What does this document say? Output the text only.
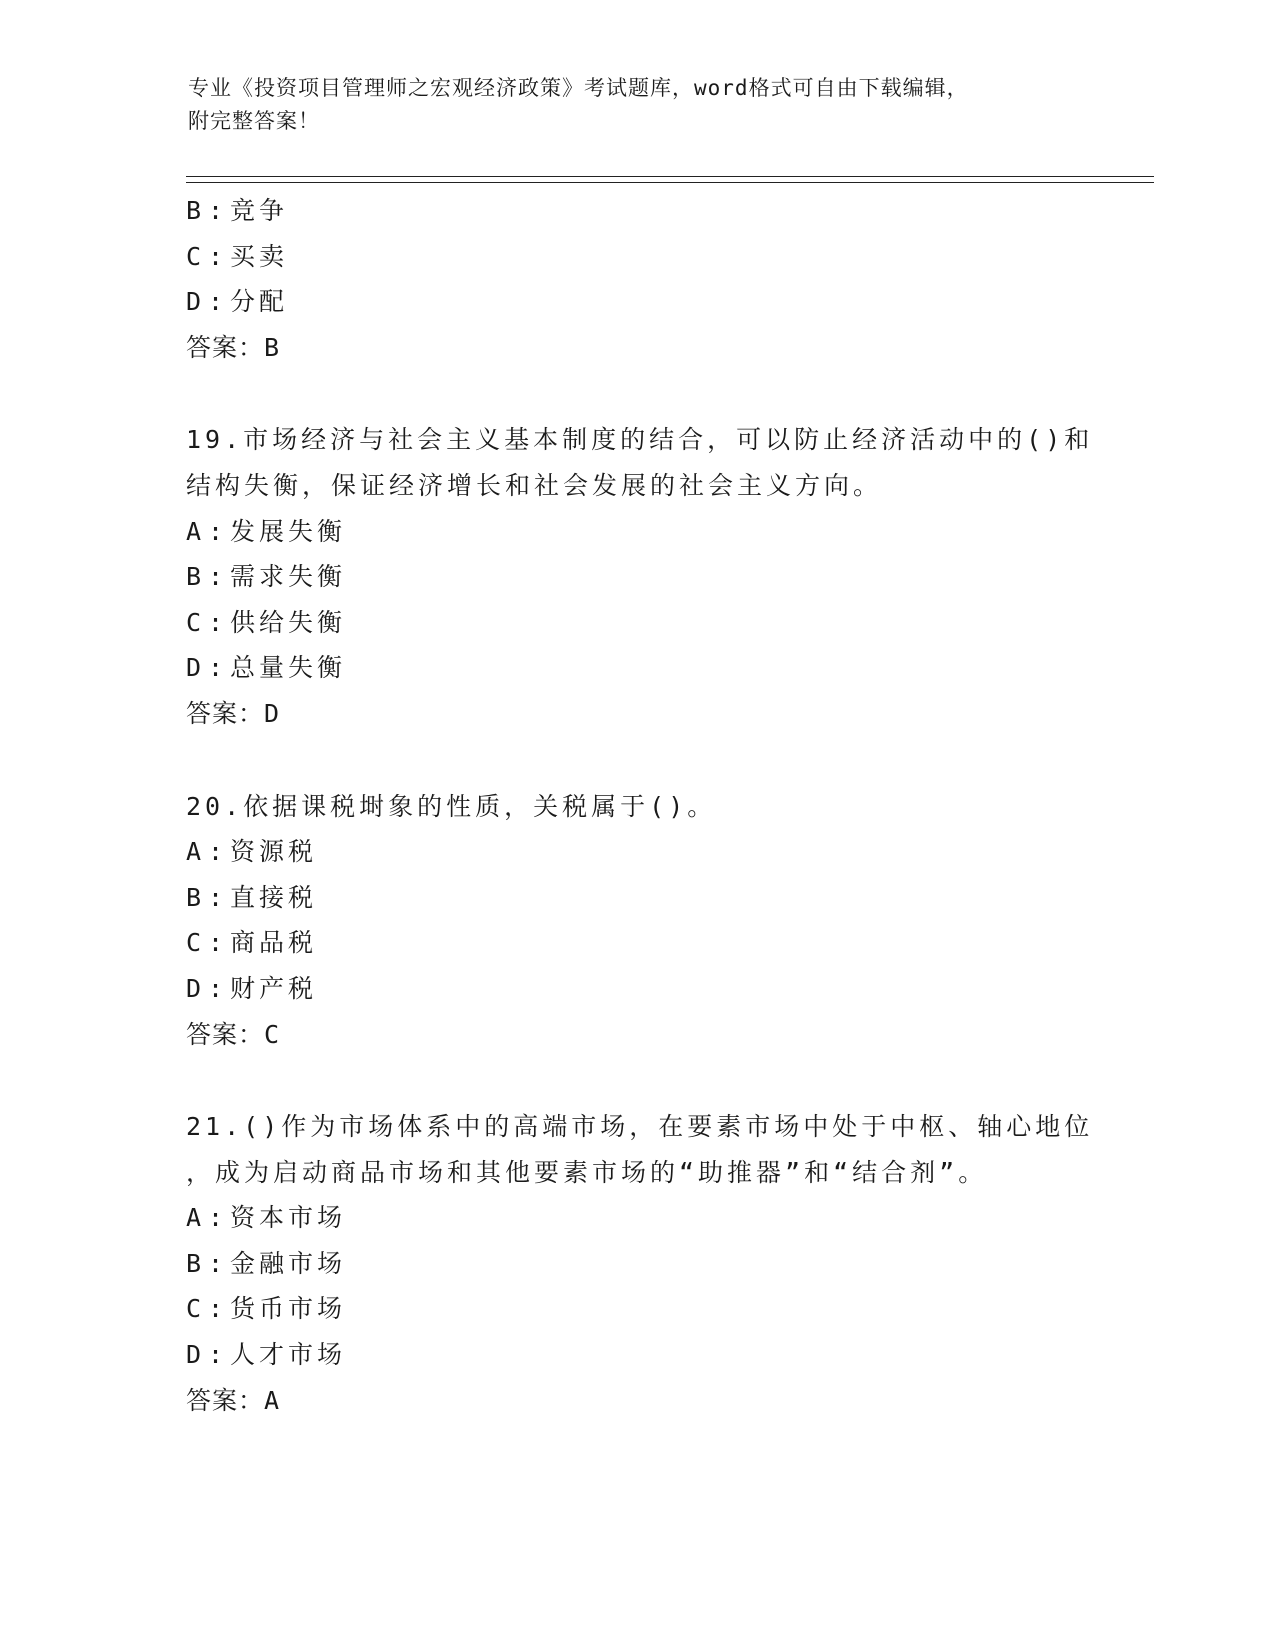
专业《投资项目管理师之宏观经济政策》考试题库，word格式可自由下载编辑，
附完整答案！
B : 竞争
C : 买卖
D : 分配
答案：B
19.市场经济与社会主义基本制度的结合，可以防止经济活动中的()和
结构失衡，保证经济增长和社会发展的社会主义方向。
A : 发展失衡
B : 需求失衡
C : 供给失衡
D : 总量失衡
答案：D
20.依据课税埘象的性质，关税属于()。
A : 资源税
B : 直接税
C : 商品税
D : 财产税
答案：C
21.()作为市场体系中的高端市场，在要素市场中处于中枢、轴心地位
，成为启动商品市场和其他要素市场的“助推器”和“结合剂”。
A : 资本市场
B : 金融市场
C : 货币市场
D : 人才市场
答案：A
